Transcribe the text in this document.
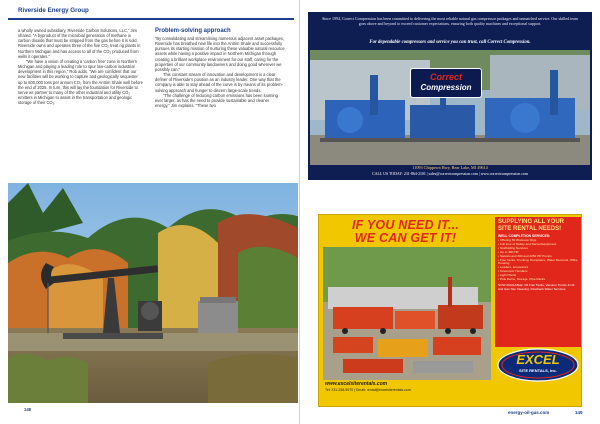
Riverside Energy Group

a wholly owned subsidiary, Riverside Carbon Solutions, LLC,” Jim shared. “A byproduct of the microbial generation of methane is carbon dioxide that must be stripped from the gas before it is sold. Riverside owns and operates three of the five CO₂ treat rig plants in Northern Michigan and has access to all of the CO₂ produced from wells it operates.”

“We have a vision of creating a ‘carbon free’ zone in Northern Michigan and playing a leading role to spur low-carbon industrial development in this region,” Rob adds. “We are confident that our new facilities will be working to capture and geologically sequester up to 500,000 tons per annum CO₂ from the Antrim Shale well before the end of 2025. In turn, this will lay the foundation for Riverside to serve as partner to many of the other industrial and utility CO₂ emitters in Michigan to assist in the transportation and geologic storage of their CO₂.

Problem-solving approach

“By consolidating and streamlining numerous adjacent asset packages, Riverside has breathed new life into the Antrim Shale and successfully pursues its starting mission of nurturing these valuable natural resource assets while having a positive impact in Northern Michigan through creating a brilliant workplace environment for our staff, caring for the properties of our community landowners and doing good wherever we possibly can.”

This constant stream of innovation and development is a clear definer of Riverside’s position as an industry leader. One way that the company is able to stay ahead of the curve is by means of its problem-solving approach and hunger to discern large-scale trends.

“The challenge of reducing carbon emissions has been looming ever larger, as has the need to provide sustainable and cleaner energy,” Jim explains. “These two

148
Since 1994, Correct Compression has been committed to delivering the most reliable natural gas compressor packages and unmatched service. Our skilled team goes above and beyond to exceed customer expectations, ensuring both quality machines and exceptional support.
For dependable compressors and service you can trust, call Correct Compression.
Correct
Compression
11093 Chippewa Hwy, Bear Lake, MI 49614
CALL US TODAY: 231-864-2101 | sales@correctcompression.com | www.correctcompression.com
IF YOU NEED IT...
WE CAN GET IT!
SUPPLYING ALL YOUR SITE RENTAL NEEDS!
WELL COMPLETION SERVICES:
• Offering 50 Workover Rigs
• Full Line of Safety and Rental Equipment
• Scaffolding Services
• Up to 300 HP
• Swivels and 300 and 2250 HP Pumps
• Frac Tanks, Trucking, Dumpsters, Water Removal, Office Housing
• Loaders, Excavators
• Telescopic Handlers
• Light Plants
• Pole Barns, Storage, Pipe Racks
NOW AVAILABLE: Oil Frac Tanks, Vacuum Trucks & Oil and Gas Site Cleaning, Flowback Water Services
EXCEL
SITE RENTALS, Inc.
www.excelsiterentals.com
Tel: 231-258-5970 | Email: rental@excelsiterentals.com
energy-oil-gas.com	149
